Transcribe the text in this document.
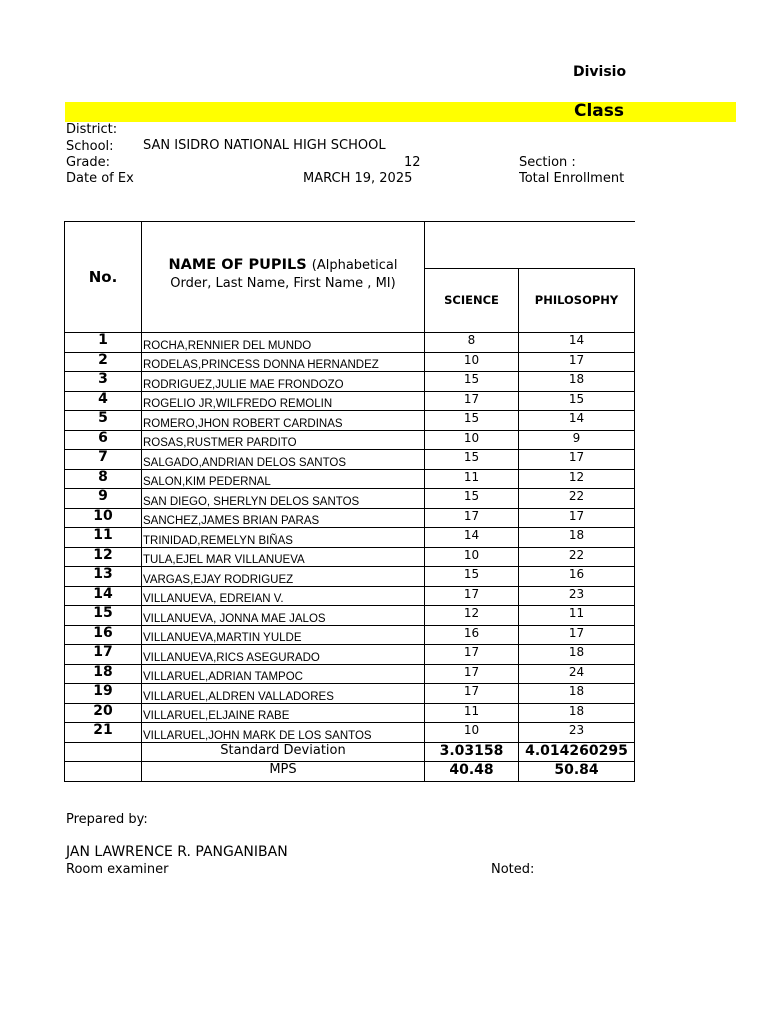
Divisio
Class
District:
School: SAN ISIDRO NATIONAL HIGH SCHOOL
Grade:	12	Section :
Date of Ex	MARCH 19, 2025	Total Enrollment
No.	NAME OF PUPILS (Alphabetical
Order, Last Name, First Name , MI)		
		SCIENCE	PHILOSOPHY
1	ROCHA,RENNIER DEL MUNDO	8	14
2	RODELAS,PRINCESS DONNA HERNANDEZ	10	17
3	RODRIGUEZ,JULIE MAE FRONDOZO	15	18
4	ROGELIO JR,WILFREDO REMOLIN	17	15
5	ROMERO,JHON ROBERT CARDINAS	15	14
6	ROSAS,RUSTMER PARDITO	10	9
7	SALGADO,ANDRIAN DELOS SANTOS	15	17
8	SALON,KIM PEDERNAL	11	12
9	SAN DIEGO, SHERLYN DELOS SANTOS	15	22
10	SANCHEZ,JAMES BRIAN PARAS	17	17
11	TRINIDAD,REMELYN BIÑAS	14	18
12	TULA,EJEL MAR VILLANUEVA	10	22
13	VARGAS,EJAY RODRIGUEZ	15	16
14	VILLANUEVA, EDREIAN V.	17	23
15	VILLANUEVA, JONNA MAE JALOS	12	11
16	VILLANUEVA,MARTIN YULDE	16	17
17	VILLANUEVA,RICS ASEGURADO	17	18
18	VILLARUEL,ADRIAN TAMPOC	17	24
19	VILLARUEL,ALDREN VALLADORES	17	18
20	VILLARUEL,ELJAINE RABE	11	18
21	VILLARUEL,JOHN MARK DE LOS SANTOS	10	23
	Standard Deviation	3.03158	4.014260295
	MPS	40.48	50.84
Prepared by:
JAN LAWRENCE R. PANGANIBAN
Room examiner	Noted:
